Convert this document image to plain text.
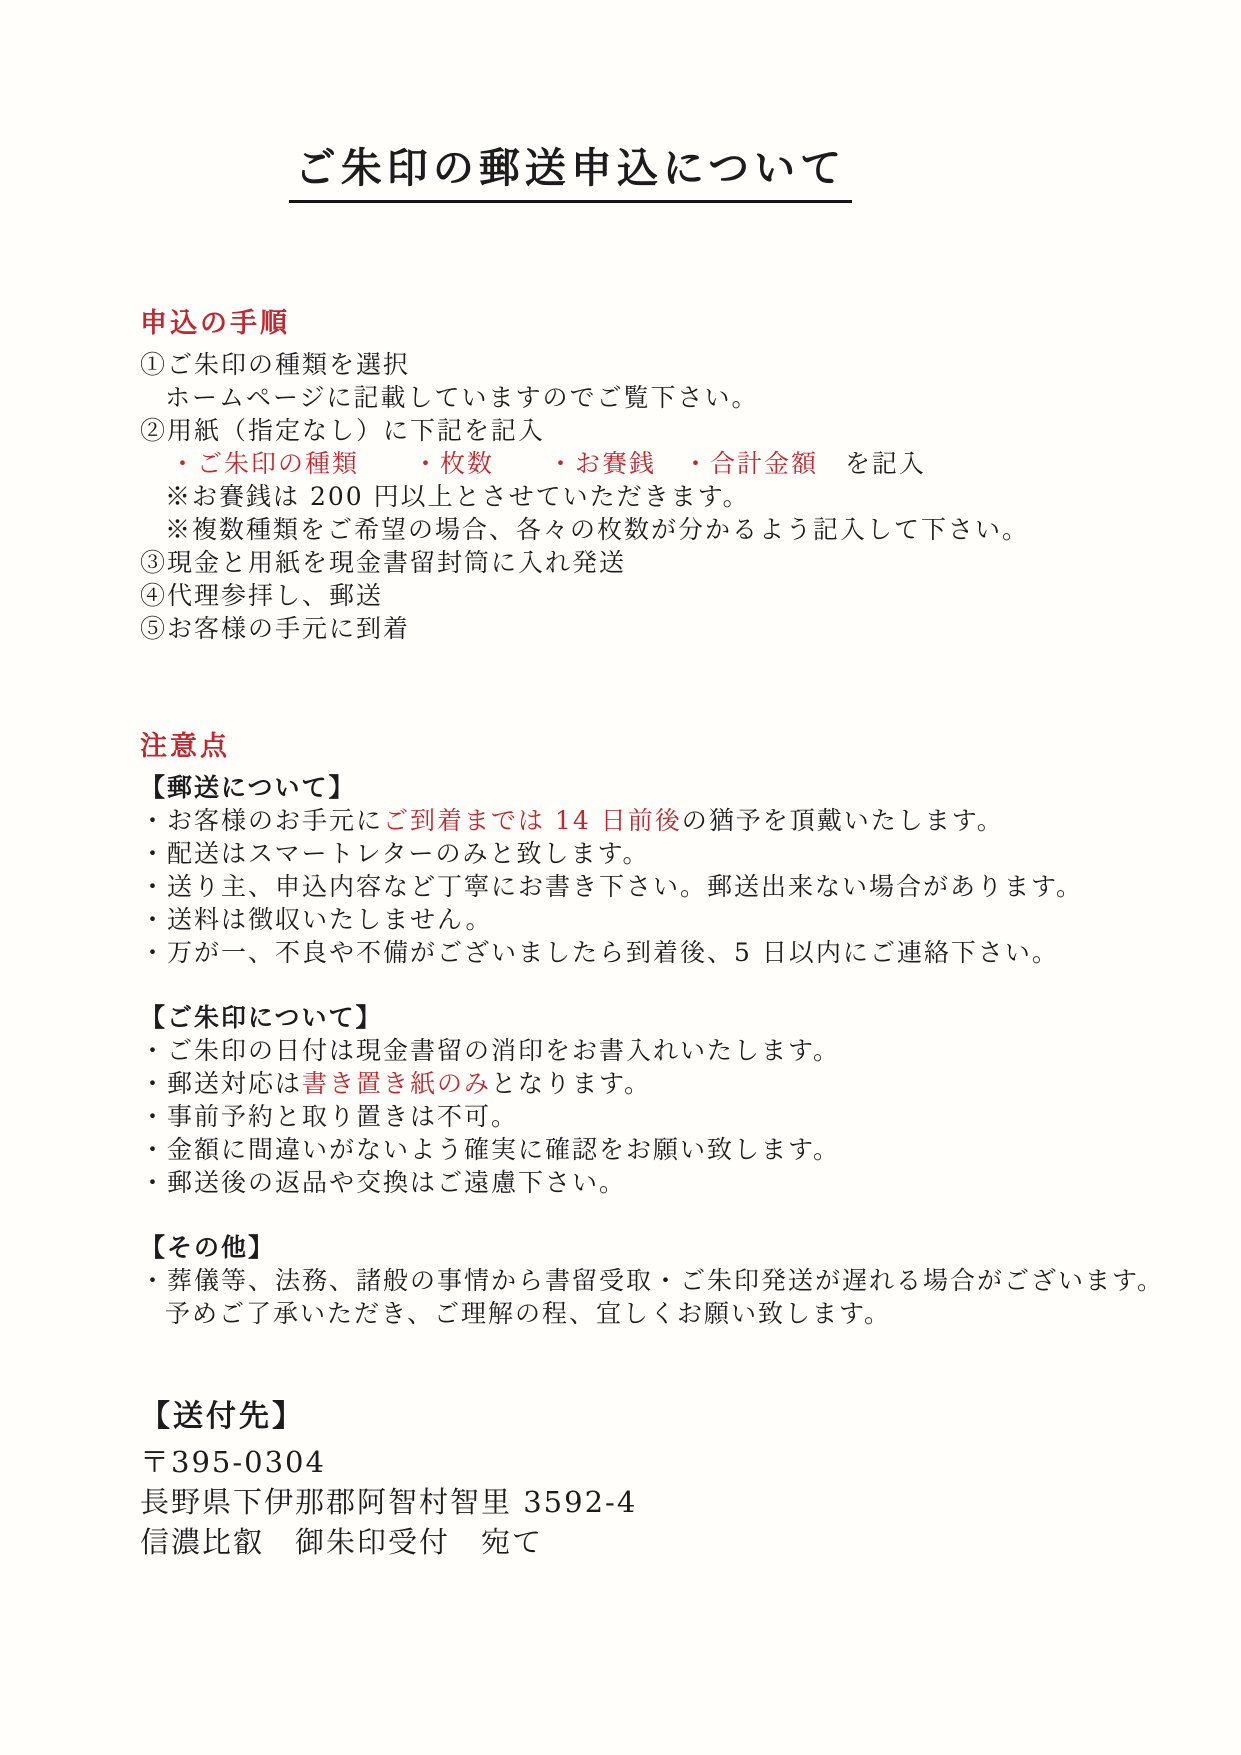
ご朱印の郵送申込について
申込の手順

①ご朱印の種類を選択

ホームページに記載していますのでご覧下さい。

②用紙（指定なし）に下記を記入

・ご朱印の種類　　・枚数　　・お賽銭　・合計金額　を記入

※お賽銭は 200 円以上とさせていただきます。

※複数種類をご希望の場合、各々の枚数が分かるよう記入して下さい。

③現金と用紙を現金書留封筒に入れ発送

④代理参拝し、郵送

⑤お客様の手元に到着

注意点
【郵送について】

・お客様のお手元にご到着までは 14 日前後の猶予を頂戴いたします。

・配送はスマートレターのみと致します。

・送り主、申込内容など丁寧にお書き下さい。郵送出来ない場合があります。

・送料は徴収いたしません。

・万が一、不良や不備がございましたら到着後、5 日以内にご連絡下さい。

【ご朱印について】

・ご朱印の日付は現金書留の消印をお書入れいたします。

・郵送対応は書き置き紙のみとなります。

・事前予約と取り置きは不可。

・金額に間違いがないよう確実に確認をお願い致します。

・郵送後の返品や交換はご遠慮下さい。

【その他】

・葬儀等、法務、諸般の事情から書留受取・ご朱印発送が遅れる場合がございます。

予めご了承いただき、ご理解の程、宜しくお願い致します。

【送付先】

〒395-0304

長野県下伊那郡阿智村智里 3592-4

信濃比叡　御朱印受付　宛て
